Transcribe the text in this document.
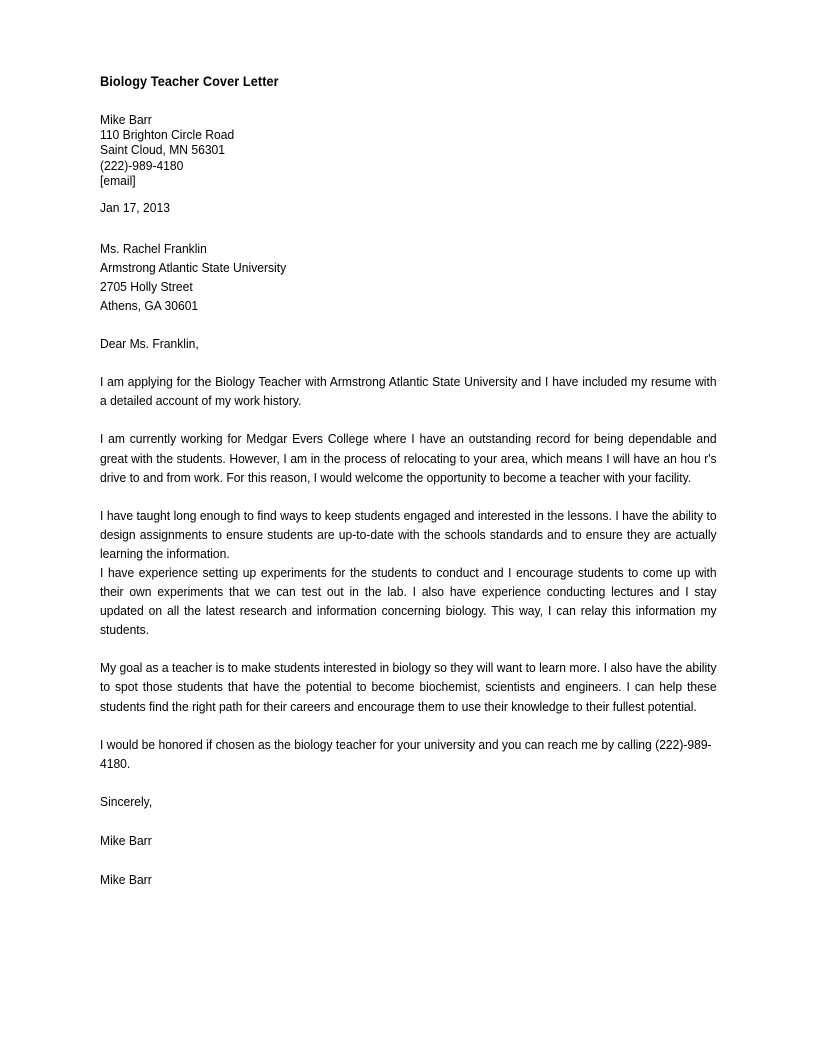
Biology Teacher Cover Letter
Mike Barr
110 Brighton Circle Road
Saint Cloud, MN 56301
(222)-989-4180
[email]
Jan 17, 2013
Ms. Rachel Franklin
Armstrong Atlantic State University
2705 Holly Street
Athens, GA 30601
Dear Ms. Franklin,

I am applying for the Biology Teacher with Armstrong Atlantic State University and I have included my resume with a detailed account of my work history.

I am currently working for Medgar Evers College where I have an outstanding record for being dependable and great with the students. However, I am in the process of relocating to your area, which means I will have an hou r's drive to and from work. For this reason, I would welcome the opportunity to become a teacher with your facility.

I have taught long enough to find ways to keep students engaged and interested in the lessons. I have the ability to design assignments to ensure students are up-to-date with the schools standards and to ensure they are actually learning the information.

I have experience setting up experiments for the students to conduct and I encourage students to come up with their own experiments that we can test out in the lab. I also have experience conducting lectures and I stay updated on all the latest research and information concerning biology. This way, I can relay this information my students.

My goal as a teacher is to make students interested in biology so they will want to learn more. I also have the ability to spot those students that have the potential to become biochemist, scientists and engineers. I can help these students find the right path for their careers and encourage them to use their knowledge to their fullest potential.

I would be honored if chosen as the biology teacher for your university and you can reach me by calling (222)-989-4180.

Sincerely,
Mike Barr
Mike Barr
